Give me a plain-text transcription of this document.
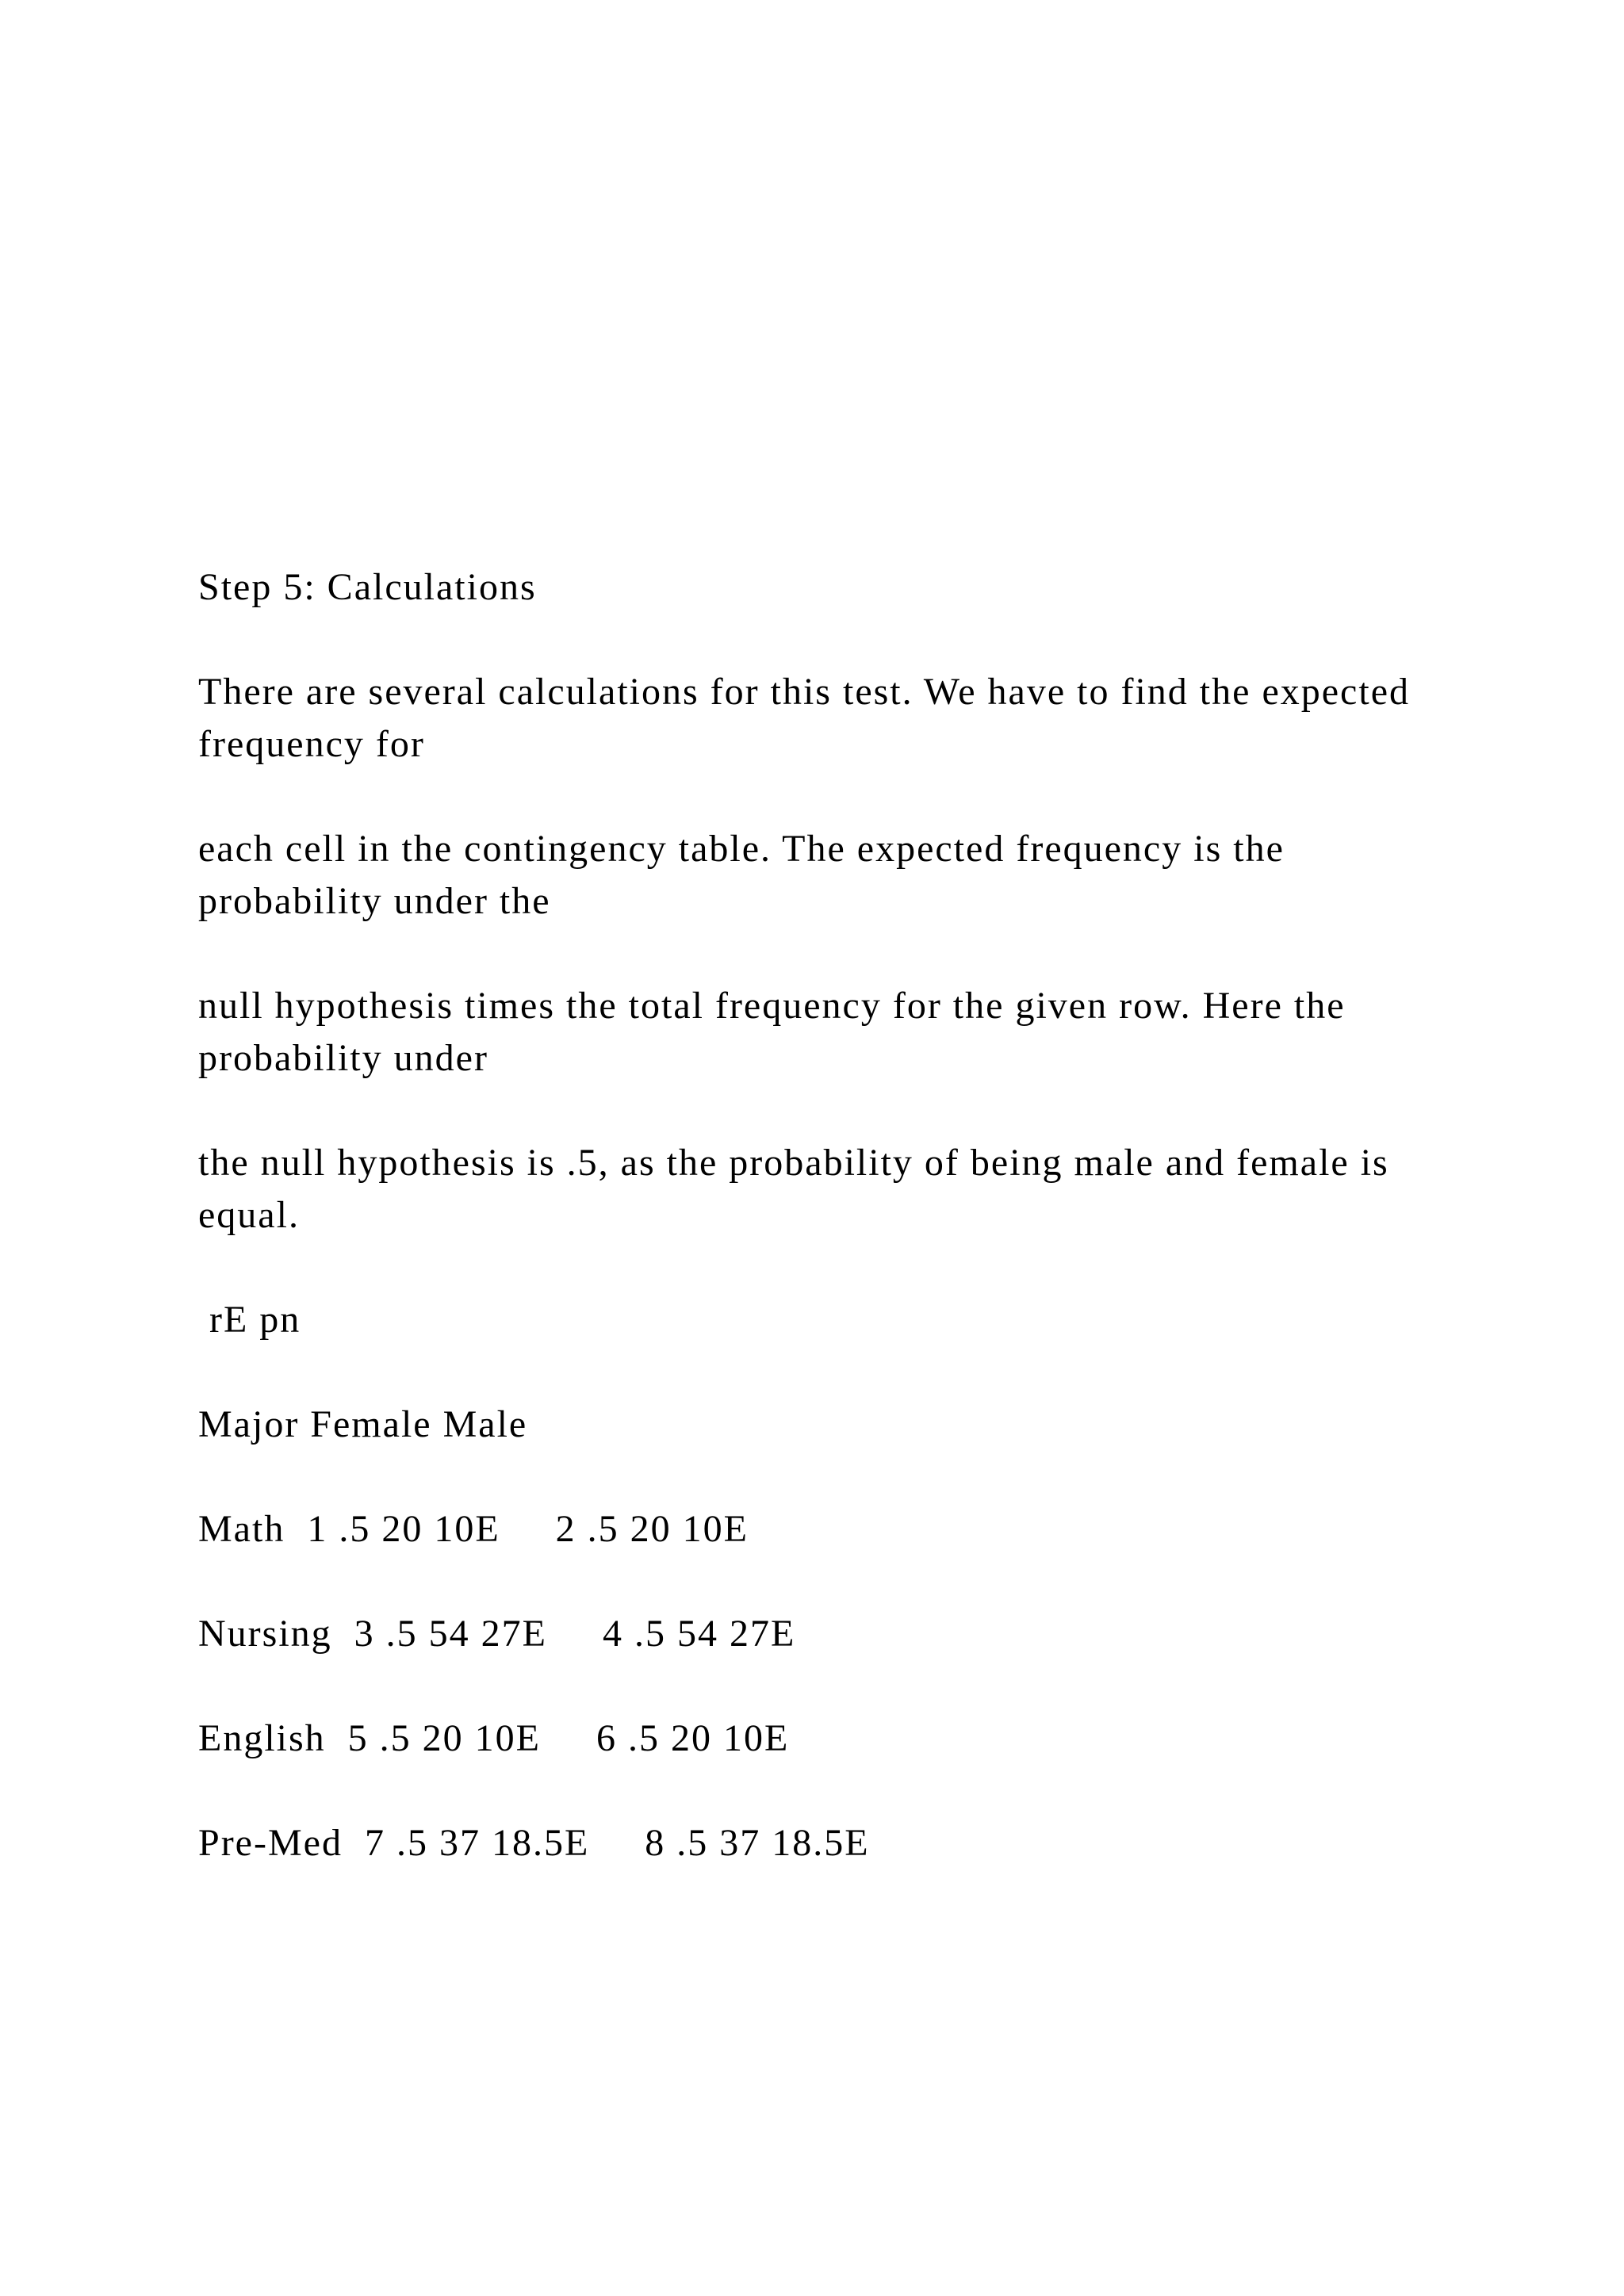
Step 5: Calculations

There are several calculations for this test. We have to find the expected frequency for

each cell in the contingency table. The expected frequency is the probability under the

null hypothesis times the total frequency for the given row. Here the probability under

the null hypothesis is .5, as the probability of being male and female is equal.

rE pn

Major Female Male

Math  1 .5 20 10E     2 .5 20 10E

Nursing  3 .5 54 27E     4 .5 54 27E

English  5 .5 20 10E     6 .5 20 10E

Pre-Med  7 .5 37 18.5E     8 .5 37 18.5E
